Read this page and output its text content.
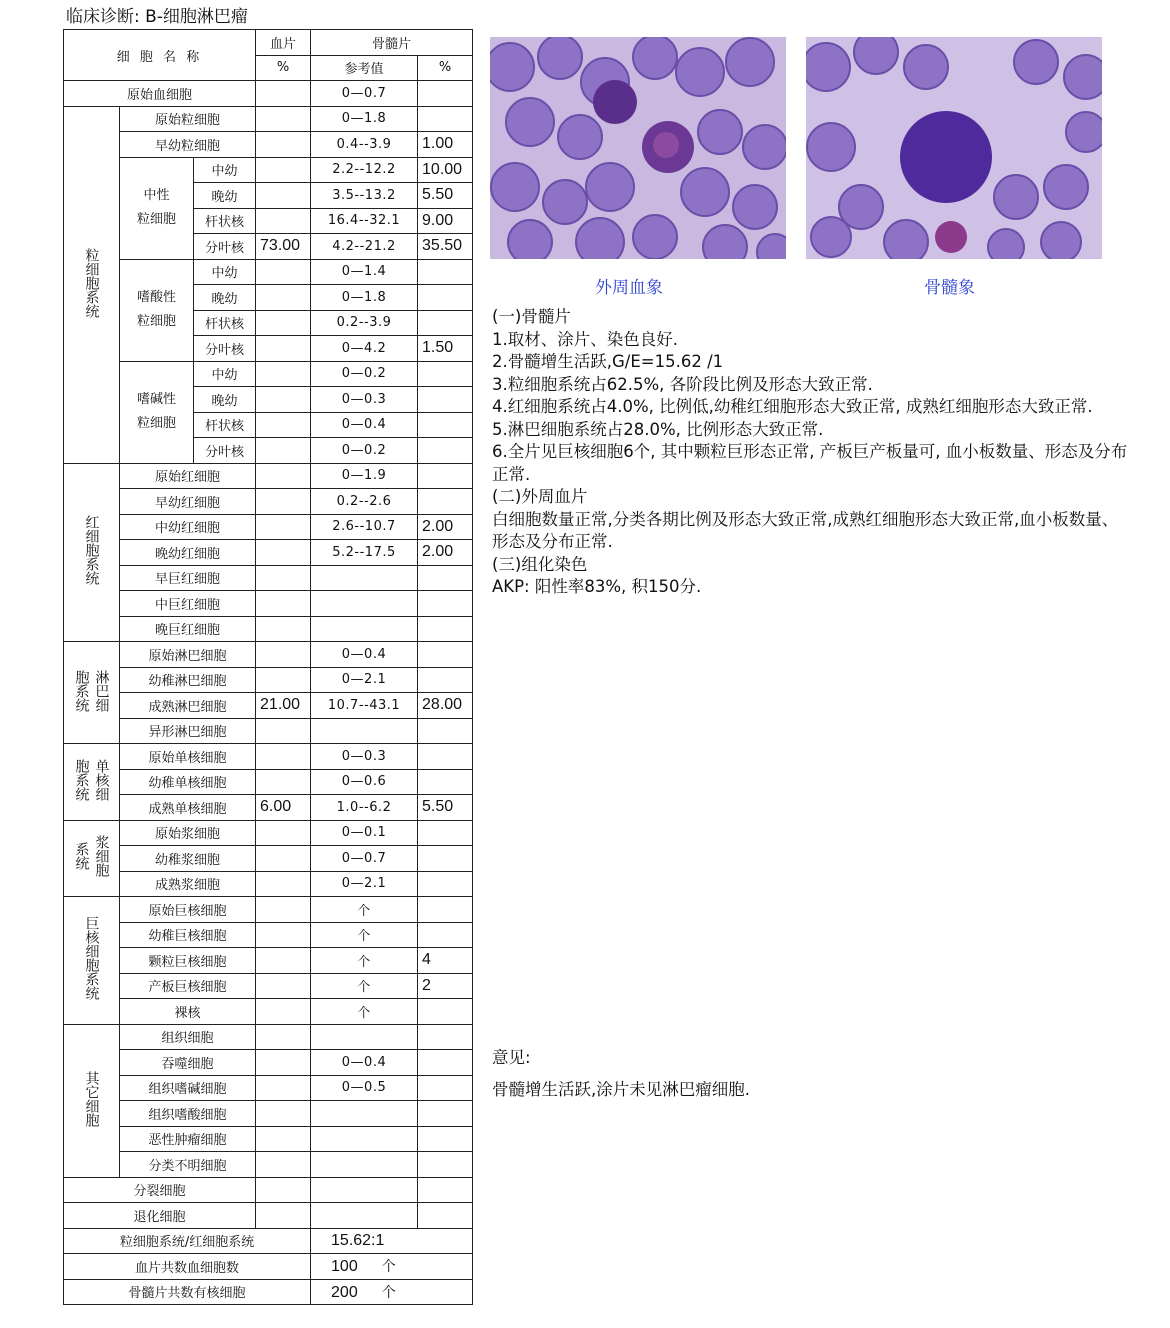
临床诊断: B-细胞淋巴瘤
细 胞 名 称			血片	骨髓片	
			%	参考值	%
原始血细胞				0—0.7	
粒细胞系统	原始粒细胞			0—1.8	
	早幼粒细胞			0.4--3.9	1.00
	中性
粒细胞	中幼		2.2--12.2	10.00
		晚幼		3.5--13.2	5.50
		杆状核		16.4--32.1	9.00
		分叶核	73.00	4.2--21.2	35.50
	嗜酸性
粒细胞	中幼		0—1.4	
		晚幼		0—1.8	
		杆状核		0.2--3.9	
		分叶核		0—4.2	1.50
	嗜碱性
粒细胞	中幼		0—0.2	
		晚幼		0—0.3	
		杆状核		0—0.4	
		分叶核		0—0.2	
红细胞系统	原始红细胞			0—1.9	
	早幼红细胞			0.2--2.6	
	中幼红细胞			2.6--10.7	2.00
	晚幼红细胞			5.2--17.5	2.00
	早巨红细胞				
	中巨红细胞				
	晚巨红细胞				

淋巴细
胞系统	原始淋巴细胞			0—0.4	
	幼稚淋巴细胞			0—2.1	
	成熟淋巴细胞		21.00	10.7--43.1	28.00
	异形淋巴细胞				

单核细
胞系统	原始单核细胞			0—0.3	
	幼稚单核细胞			0—0.6	
	成熟单核细胞		6.00	1.0--6.2	5.50

浆细胞
系统	原始浆细胞			0—0.1	
	幼稚浆细胞			0—0.7	
	成熟浆细胞			0—2.1	
巨核细胞系统	原始巨核细胞			个	
	幼稚巨核细胞			个	
	颗粒巨核细胞			个	4
	产板巨核细胞			个	2
	裸核			个	
其它细胞	组织细胞				
	吞噬细胞			0—0.4	
	组织嗜碱细胞			0—0.5	
	组织嗜酸细胞				
	恶性肿瘤细胞				
	分类不明细胞				
分裂细胞					
退化细胞					
粒细胞系统/红细胞系统				15.62:1	
血片共数血细胞数				100 个	
骨髓片共数有核细胞				200 个	
外周血象	骨髓象

(一)骨髓片

1.取材、涂片、染色良好.

2.骨髓增生活跃,G/E=15.62 /1

3.粒细胞系统占62.5%, 各阶段比例及形态大致正常.

4.红细胞系统占4.0%, 比例低,幼稚红细胞形态大致正常, 成熟红细胞形态大致正常.

5.淋巴细胞系统占28.0%, 比例形态大致正常.

6.全片见巨核细胞6个, 其中颗粒巨形态正常, 产板巨产板量可, 血小板数量、形态及分布正常.

(二)外周血片

白细胞数量正常,分类各期比例及形态大致正常,成熟红细胞形态大致正常,血小板数量、形态及分布正常.

(三)组化染色

AKP: 阳性率83%, 积150分.

意见:

骨髓增生活跃,涂片未见淋巴瘤细胞.
